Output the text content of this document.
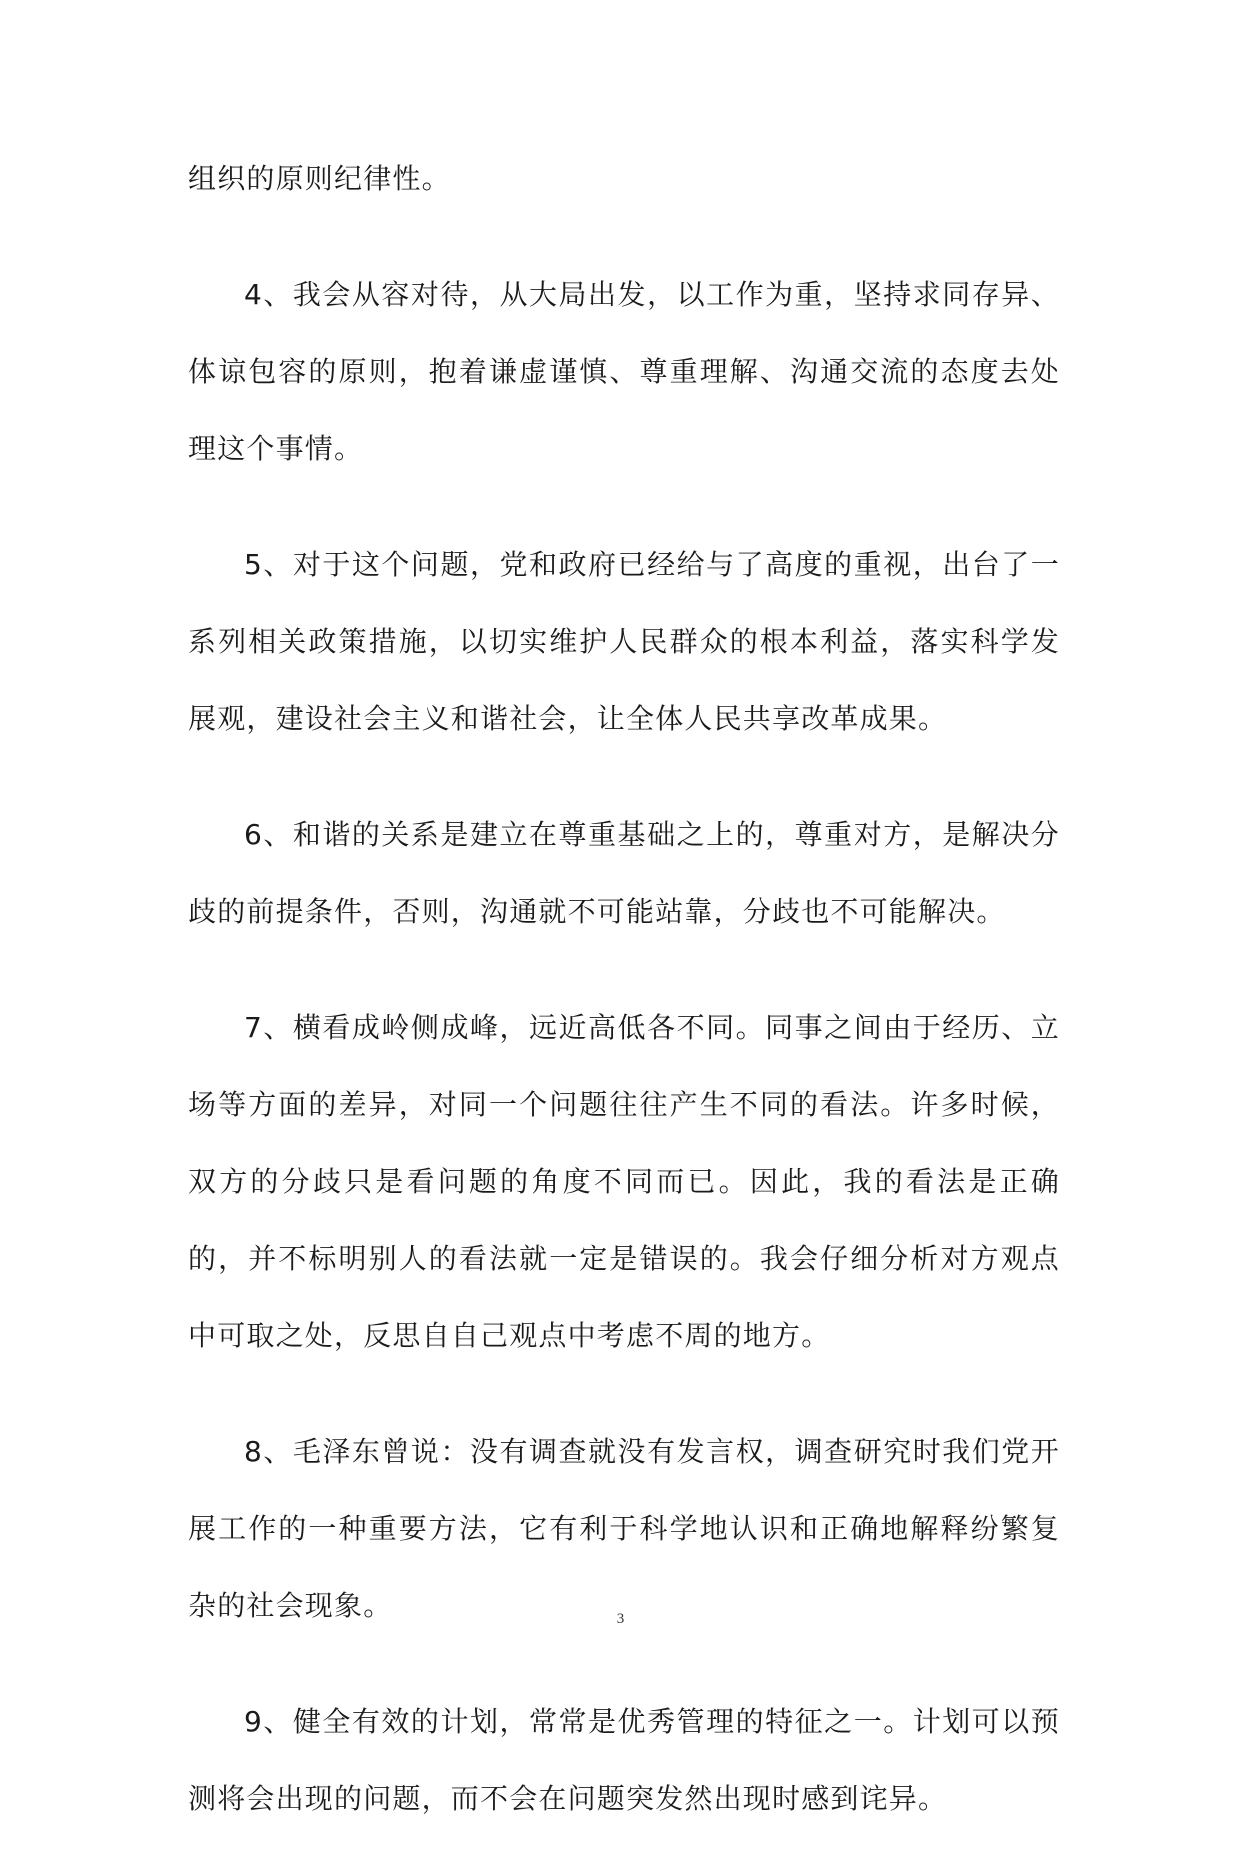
组织的原则纪律性。

4、我会从容对待，从大局出发，以工作为重，坚持求同存异、体谅包容的原则，抱着谦虚谨慎、尊重理解、沟通交流的态度去处理这个事情。

5、对于这个问题，党和政府已经给与了高度的重视，出台了一系列相关政策措施，以切实维护人民群众的根本利益，落实科学发展观，建设社会主义和谐社会，让全体人民共享改革成果。

6、和谐的关系是建立在尊重基础之上的，尊重对方，是解决分歧的前提条件，否则，沟通就不可能站靠，分歧也不可能解决。

7、横看成岭侧成峰，远近高低各不同。同事之间由于经历、立场等方面的差异，对同一个问题往往产生不同的看法。许多时候，双方的分歧只是看问题的角度不同而已。因此，我的看法是正确的，并不标明别人的看法就一定是错误的。我会仔细分析对方观点中可取之处，反思自自己观点中考虑不周的地方。

8、毛泽东曾说：没有调查就没有发言权，调查研究时我们党开展工作的一种重要方法，它有利于科学地认识和正确地解释纷繁复杂的社会现象。

9、健全有效的计划，常常是优秀管理的特征之一。计划可以预测将会出现的问题，而不会在问题突发然出现时感到诧异。

3
